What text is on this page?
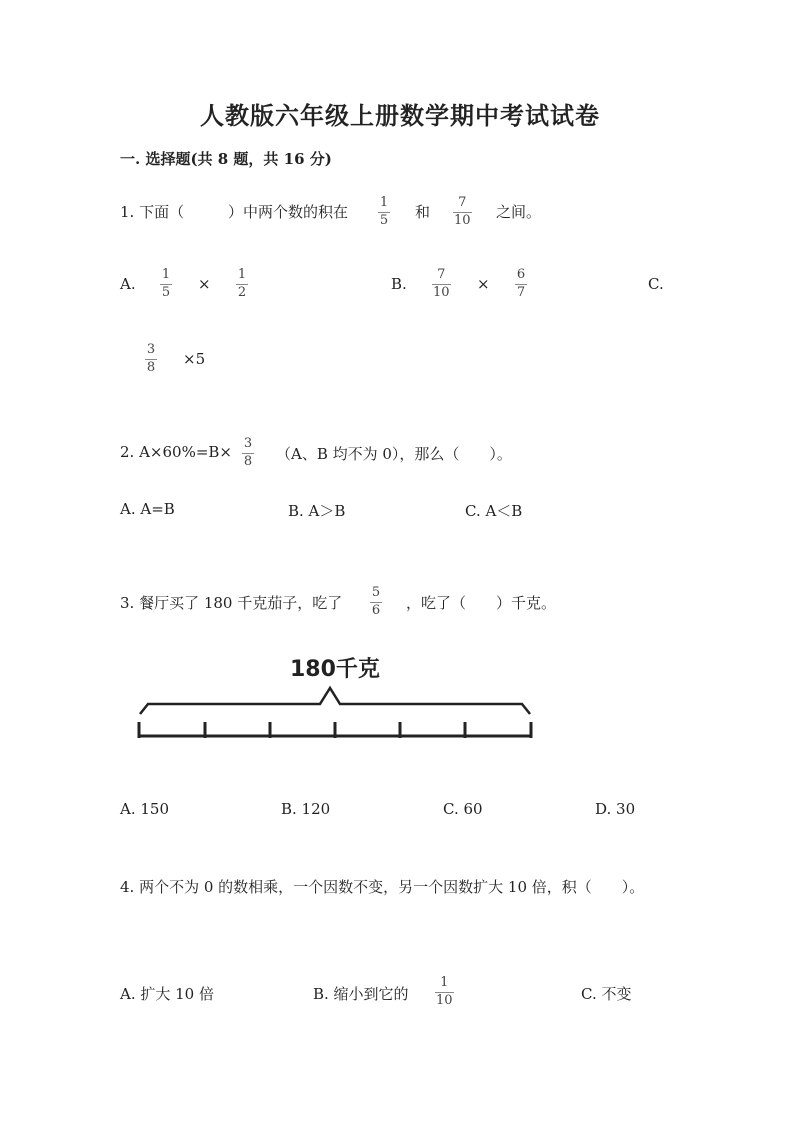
人教版六年级上册数学期中考试试卷
一. 选择题(共 8 题，共 16 分)
1. 下面（	）中两个数的积在
1
5 和
7
10 之间。
A.
1
5 ×
1
2	B.
7
10 ×
6
7	C.
3
8 ×5
2. A×60%=B× 3
8 （A、B 均不为 0），那么（　　）。
A. A=B	B. A＞B	C. A＜B
3. 餐厅买了 180 千克茄子，吃了
5
6 ，吃了（　　）千克。
180千克
A. 150	B. 120	C. 60	D. 30
4. 两个不为 0 的数相乘，一个因数不变，另一个因数扩大 10 倍，积（　　）。
A. 扩大 10 倍	B. 缩小到它的
1
10	C. 不变
